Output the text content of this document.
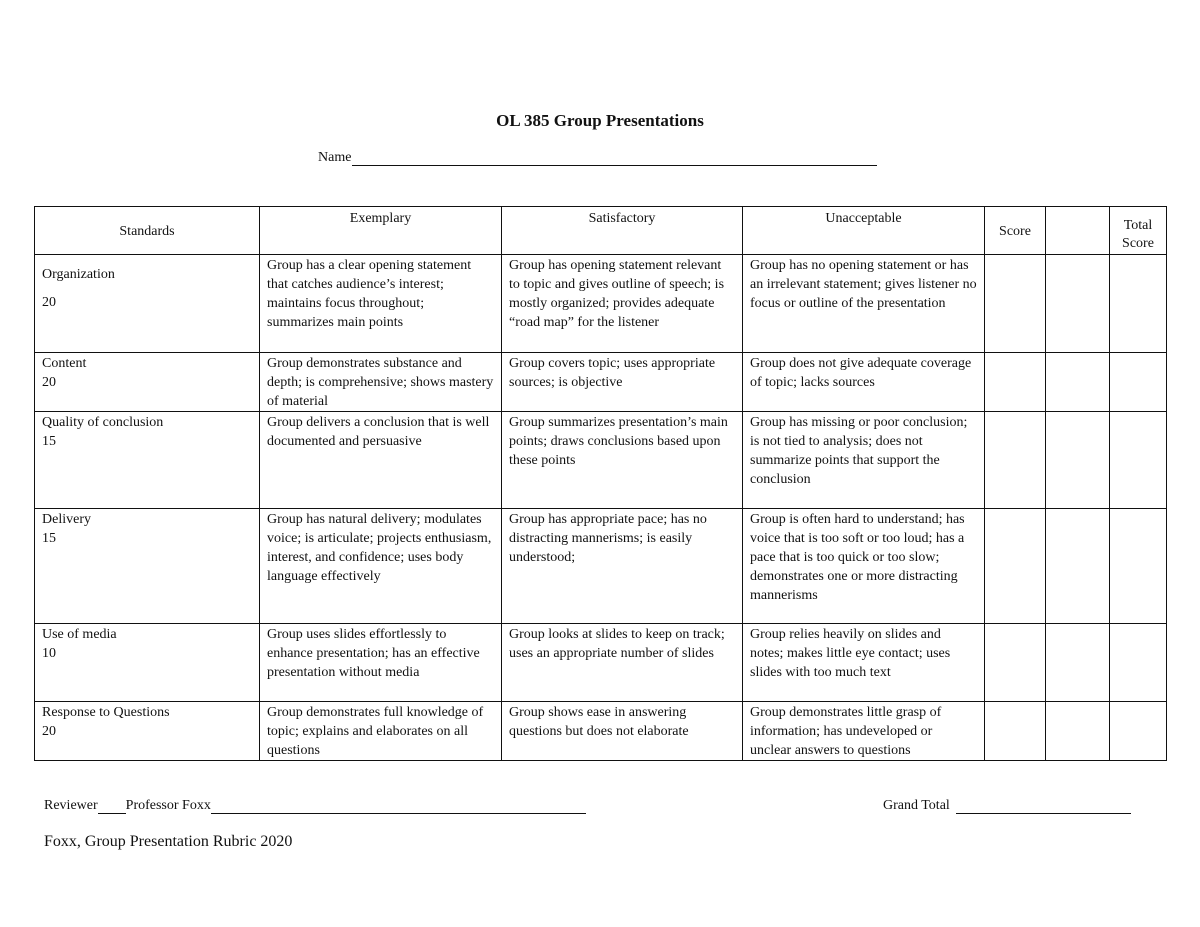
OL 385 Group Presentations
Name
Standards	Exemplary	Satisfactory	Unacceptable	Score		Total Score

Organization
20	Group has a clear opening statement that catches audience’s interest; maintains focus throughout; summarizes main points	Group has opening statement relevant to topic and gives outline of speech; is mostly organized; provides adequate “road map” for the listener	Group has no opening statement or has an irrelevant statement; gives listener no focus or outline of the presentation			

Content
20	Group demonstrates substance and depth; is comprehensive; shows mastery of material	Group covers topic; uses appropriate sources; is objective	Group does not give adequate coverage of topic; lacks sources			

Quality of conclusion
15	Group delivers a conclusion that is well documented and persuasive	Group summarizes presentation’s main points; draws conclusions based upon these points	Group has missing or poor conclusion; is not tied to analysis; does not summarize points that support the conclusion			

Delivery
15	Group has natural delivery; modulates voice; is articulate; projects enthusiasm, interest, and confidence; uses body language effectively	Group has appropriate pace; has no distracting mannerisms; is easily understood;	Group is often hard to understand; has voice that is too soft or too loud; has a pace that is too quick or too slow; demonstrates one or more distracting mannerisms			

Use of media
10	Group uses slides effortlessly to enhance presentation; has an effective presentation without media	Group looks at slides to keep on track; uses an appropriate number of slides	Group relies heavily on slides and notes; makes little eye contact; uses slides with too much text			

Response to Questions
20	Group demonstrates full knowledge of topic; explains and elaborates on all questions	Group shows ease in answering questions but does not elaborate	Group demonstrates little grasp of information; has undeveloped or unclear answers to questions			
Reviewer Professor Foxx	Grand Total
Foxx, Group Presentation Rubric 2020
